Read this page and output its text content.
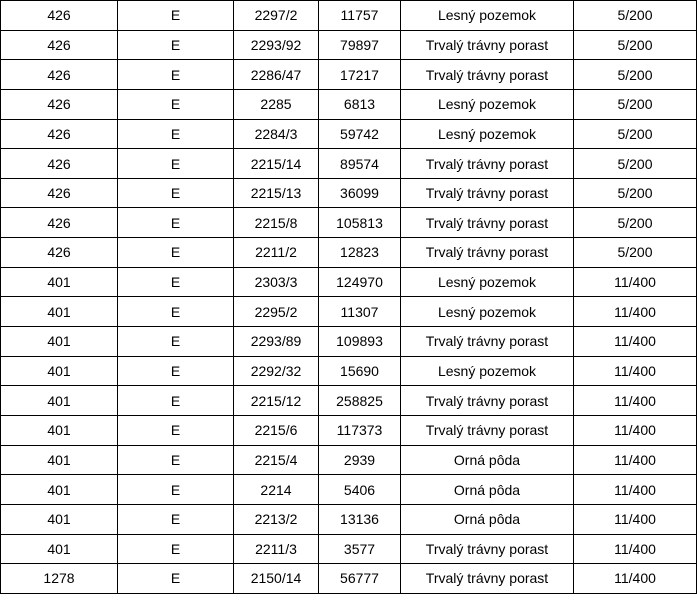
426	E	2297/2	11757	Lesný pozemok	5/200
426	E	2293/92	79897	Trvalý trávny porast	5/200
426	E	2286/47	17217	Trvalý trávny porast	5/200
426	E	2285	6813	Lesný pozemok	5/200
426	E	2284/3	59742	Lesný pozemok	5/200
426	E	2215/14	89574	Trvalý trávny porast	5/200
426	E	2215/13	36099	Trvalý trávny porast	5/200
426	E	2215/8	105813	Trvalý trávny porast	5/200
426	E	2211/2	12823	Trvalý trávny porast	5/200
401	E	2303/3	124970	Lesný pozemok	11/400
401	E	2295/2	11307	Lesný pozemok	11/400
401	E	2293/89	109893	Trvalý trávny porast	11/400
401	E	2292/32	15690	Lesný pozemok	11/400
401	E	2215/12	258825	Trvalý trávny porast	11/400
401	E	2215/6	117373	Trvalý trávny porast	11/400
401	E	2215/4	2939	Orná pôda	11/400
401	E	2214	5406	Orná pôda	11/400
401	E	2213/2	13136	Orná pôda	11/400
401	E	2211/3	3577	Trvalý trávny porast	11/400
1278	E	2150/14	56777	Trvalý trávny porast	11/400
